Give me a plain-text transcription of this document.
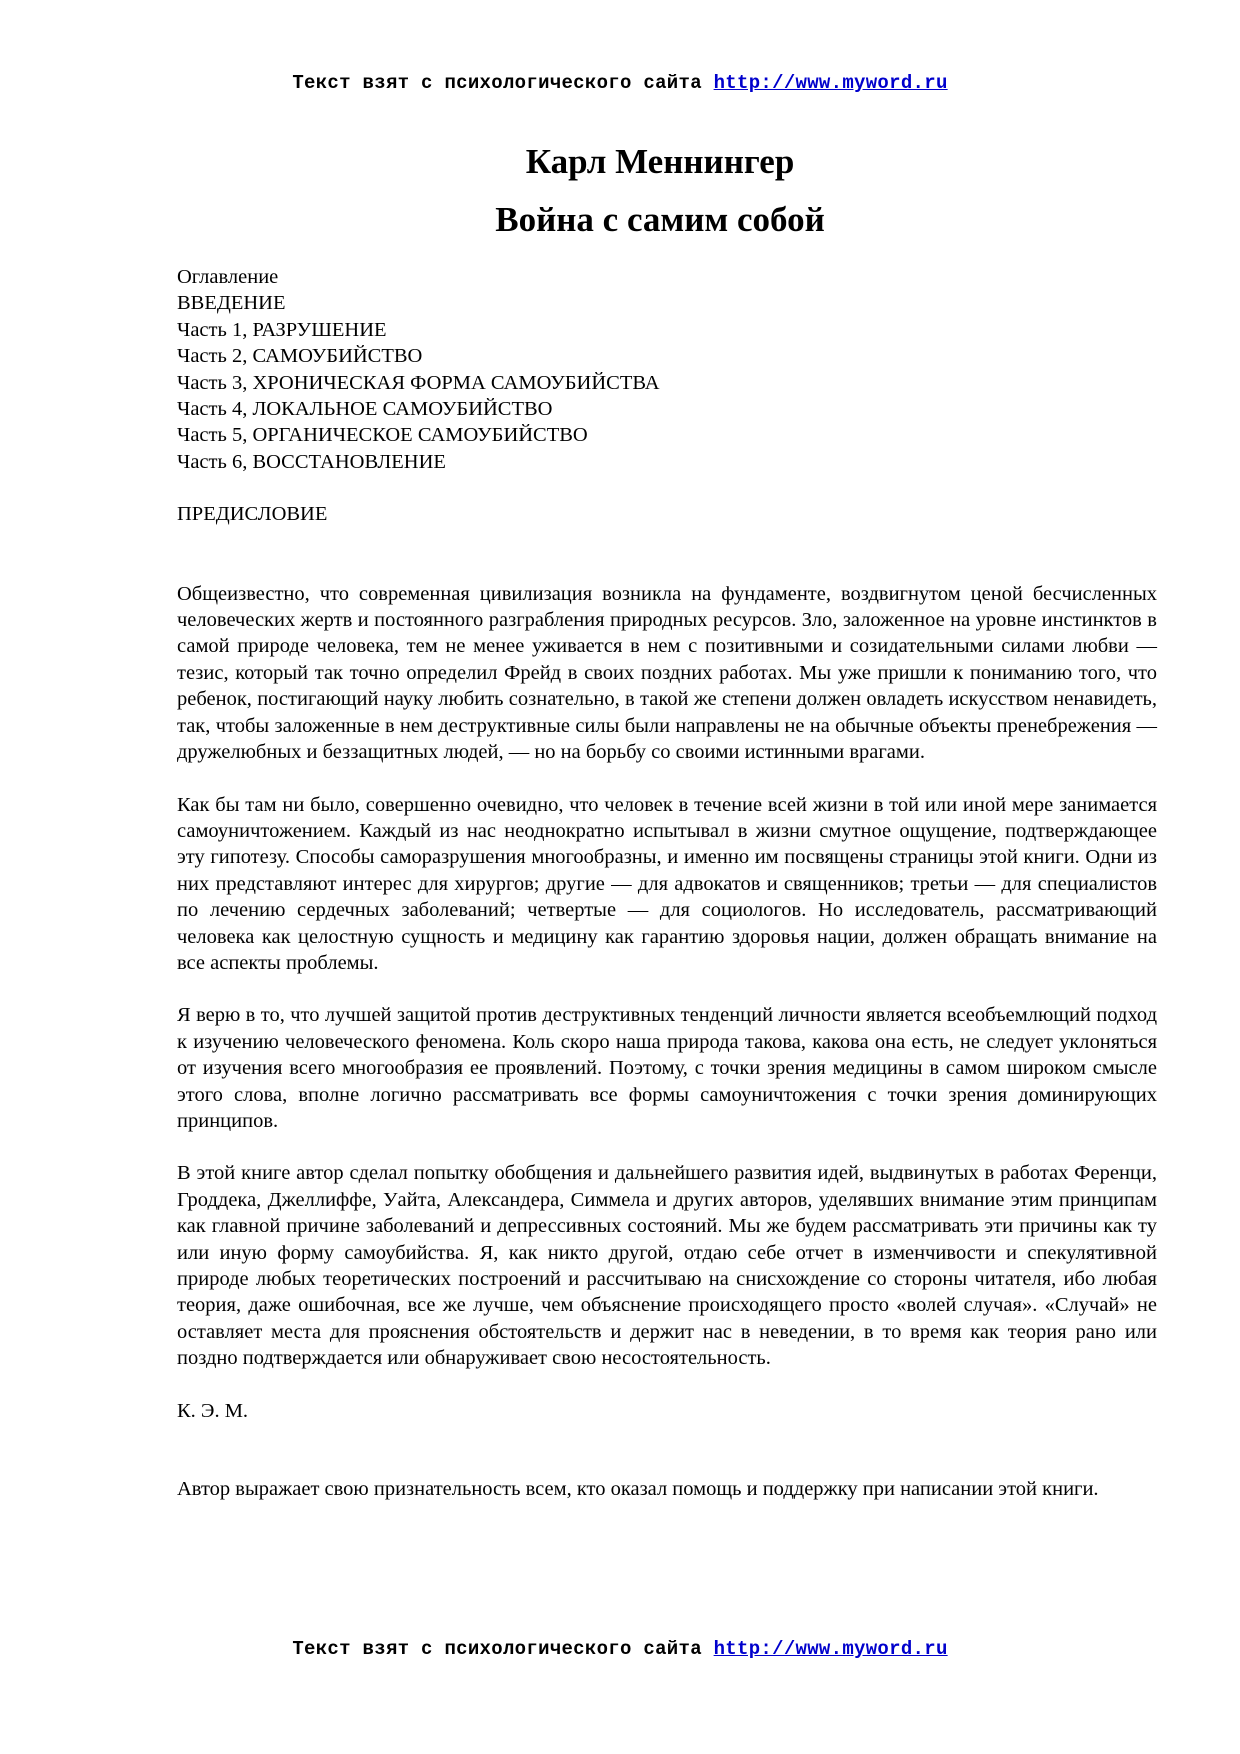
Текст взят с психологического сайта http://www.myword.ru
Карл Меннингер
Война с самим собой
Оглавление
ВВЕДЕНИЕ
Часть 1, РАЗРУШЕНИЕ
Часть 2, САМОУБИЙСТВО
Часть 3, ХРОНИЧЕСКАЯ ФОРМА САМОУБИЙСТВА
Часть 4, ЛОКАЛЬНОЕ САМОУБИЙСТВО
Часть 5, ОРГАНИЧЕСКОЕ САМОУБИЙСТВО
Часть 6, ВОССТАНОВЛЕНИЕ
ПРЕДИСЛОВИЕ

Общеизвестно, что современная цивилизация возникла на фундаменте, воздвигнутом ценой бесчисленных человеческих жертв и постоянного разграбления природных ресурсов. Зло, заложенное на уровне инстинктов в самой природе человека, тем не менее уживается в нем с позитивными и созидательными силами любви — тезис, который так точно определил Фрейд в своих поздних работах. Мы уже пришли к пониманию того, что ребенок, постигающий науку любить сознательно, в такой же степени должен овладеть искусством ненавидеть, так, чтобы заложенные в нем деструктивные силы были направлены не на обычные объекты пренебрежения — дружелюбных и беззащитных людей, — но на борьбу со своими истинными врагами.

Как бы там ни было, совершенно очевидно, что человек в течение всей жизни в той или иной мере занимается самоуничтожением. Каждый из нас неоднократно испытывал в жизни смутное ощущение, подтверждающее эту гипотезу. Способы саморазрушения многообразны, и именно им посвящены страницы этой книги. Одни из них представляют интерес для хирургов; другие — для адвокатов и священников; третьи — для специалистов по лечению сердечных заболеваний; четвертые — для социологов. Но исследователь, рассматривающий человека как целостную сущность и медицину как гарантию здоровья нации, должен обращать внимание на все аспекты проблемы.

Я верю в то, что лучшей защитой против деструктивных тенденций личности является всеобъемлющий подход к изучению человеческого феномена. Коль скоро наша природа такова, какова она есть, не следует уклоняться от изучения всего многообразия ее проявлений. Поэтому, с точки зрения медицины в самом широком смысле этого слова, вполне логично рассматривать все формы самоуничтожения с точки зрения доминирующих принципов.

В этой книге автор сделал попытку обобщения и дальнейшего развития идей, выдвинутых в работах Ференци, Гроддека, Джеллиффе, Уайта, Александера, Симмела и других авторов, уделявших внимание этим принципам как главной причине заболеваний и депрессивных состояний. Мы же будем рассматривать эти причины как ту или иную форму самоубийства. Я, как никто другой, отдаю себе отчет в изменчивости и спекулятивной природе любых теоретических построений и рассчитываю на снисхождение со стороны читателя, ибо любая теория, даже ошибочная, все же лучше, чем объяснение происходящего просто «волей случая». «Случай» не оставляет места для прояснения обстоятельств и держит нас в неведении, в то время как теория рано или поздно подтверждается или обнаруживает свою несостоятельность.

К. Э. М.

Автор выражает свою признательность всем, кто оказал помощь и поддержку при написании этой книги.

Текст взят с психологического сайта http://www.myword.ru
